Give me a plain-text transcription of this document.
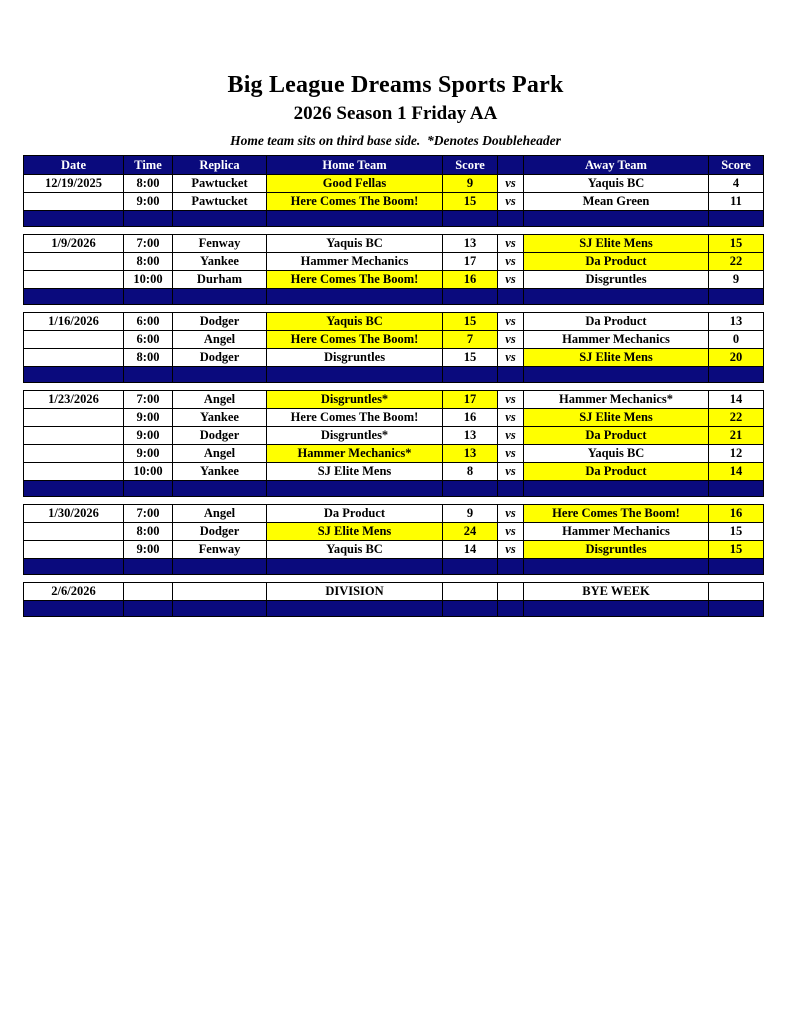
Big League Dreams Sports Park
2026 Season 1 Friday AA
Home team sits on third base side.  *Denotes Doubleheader
Date	Time	Replica	Home Team	Score		Away Team	Score
12/19/2025	8:00	Pawtucket	Good Fellas	9	vs	Yaquis BC	4
	9:00	Pawtucket	Here Comes The Boom!	15	vs	Mean Green	11

1/9/2026	7:00	Fenway	Yaquis BC	13	vs	SJ Elite Mens	15
	8:00	Yankee	Hammer Mechanics	17	vs	Da Product	22
	10:00	Durham	Here Comes The Boom!	16	vs	Disgruntles	9

1/16/2026	6:00	Dodger	Yaquis BC	15	vs	Da Product	13
	6:00	Angel	Here Comes The Boom!	7	vs	Hammer Mechanics	0
	8:00	Dodger	Disgruntles	15	vs	SJ Elite Mens	20

1/23/2026	7:00	Angel	Disgruntles*	17	vs	Hammer Mechanics*	14
	9:00	Yankee	Here Comes The Boom!	16	vs	SJ Elite Mens	22
	9:00	Dodger	Disgruntles*	13	vs	Da Product	21
	9:00	Angel	Hammer Mechanics*	13	vs	Yaquis BC	12
	10:00	Yankee	SJ Elite Mens	8	vs	Da Product	14

1/30/2026	7:00	Angel	Da Product	9	vs	Here Comes The Boom!	16
	8:00	Dodger	SJ Elite Mens	24	vs	Hammer Mechanics	15
	9:00	Fenway	Yaquis BC	14	vs	Disgruntles	15

2/6/2026			DIVISION			BYE WEEK	
